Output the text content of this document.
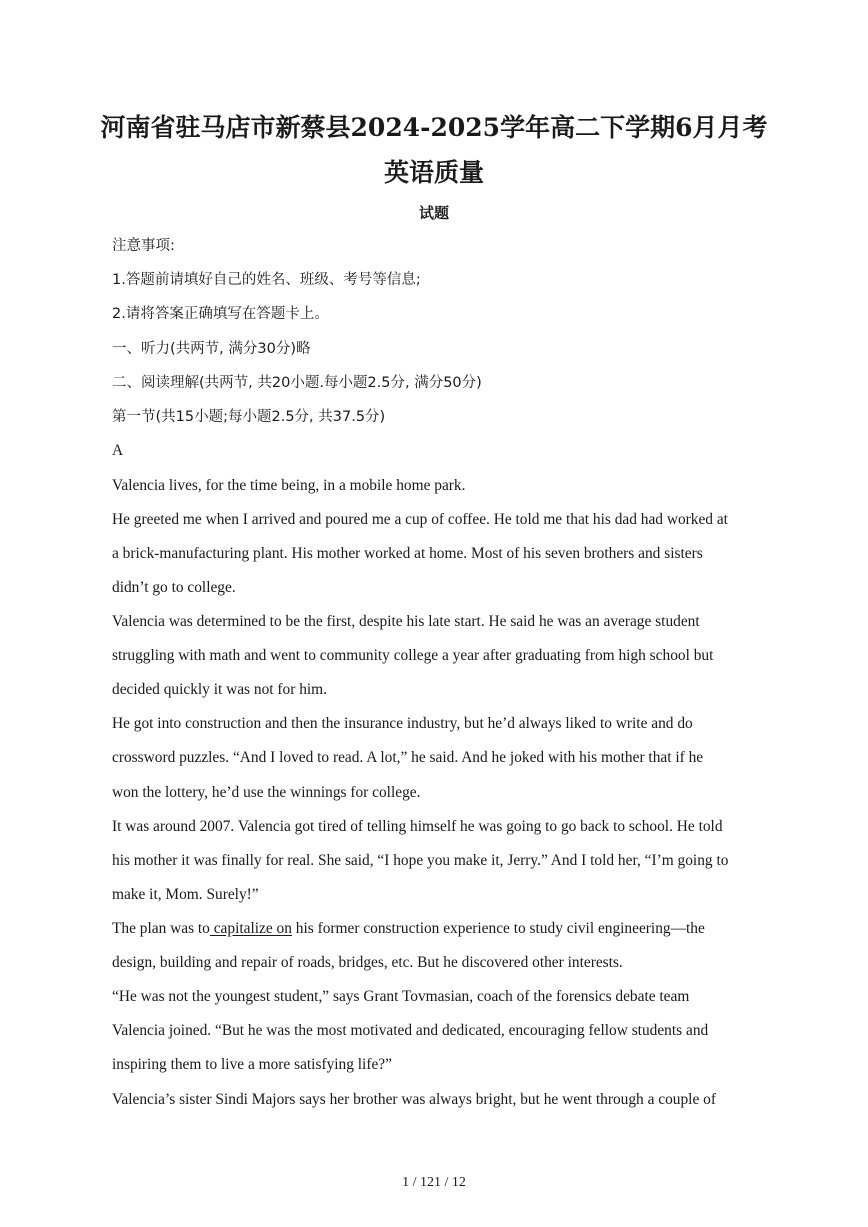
河南省驻马店市新蔡县2024-2025学年高二下学期6月月考
英语质量
试题
注意事项:
1.答题前请填好自己的姓名、班级、考号等信息;
2.请将答案正确填写在答题卡上。
一、听力(共两节, 满分30分)略
二、阅读理解(共两节, 共20小题.每小题2.5分, 满分50分)
第一节(共15小题;每小题2.5分, 共37.5分)
A
Valencia lives, for the time being, in a mobile home park.
He greeted me when I arrived and poured me a cup of coffee. He told me that his dad had worked at
a brick-manufacturing plant. His mother worked at home. Most of his seven brothers and sisters
didn’t go to college.
Valencia was determined to be the first, despite his late start. He said he was an average student
struggling with math and went to community college a year after graduating from high school but
decided quickly it was not for him.
He got into construction and then the insurance industry, but he’d always liked to write and do
crossword puzzles. “And I loved to read. A lot,” he said. And he joked with his mother that if he
won the lottery, he’d use the winnings for college.
It was around 2007. Valencia got tired of telling himself he was going to go back to school. He told
his mother it was finally for real. She said, “I hope you make it, Jerry.” And I told her, “I’m going to
make it, Mom. Surely!”
The plan was to capitalize on his former construction experience to study civil engineering—the
design, building and repair of roads, bridges, etc. But he discovered other interests.
“He was not the youngest student,” says Grant Tovmasian, coach of the forensics debate team
Valencia joined. “But he was the most motivated and dedicated, encouraging fellow students and
inspiring them to live a more satisfying life?”
Valencia’s sister Sindi Majors says her brother was always bright, but he went through a couple of
1 / 121 / 12
